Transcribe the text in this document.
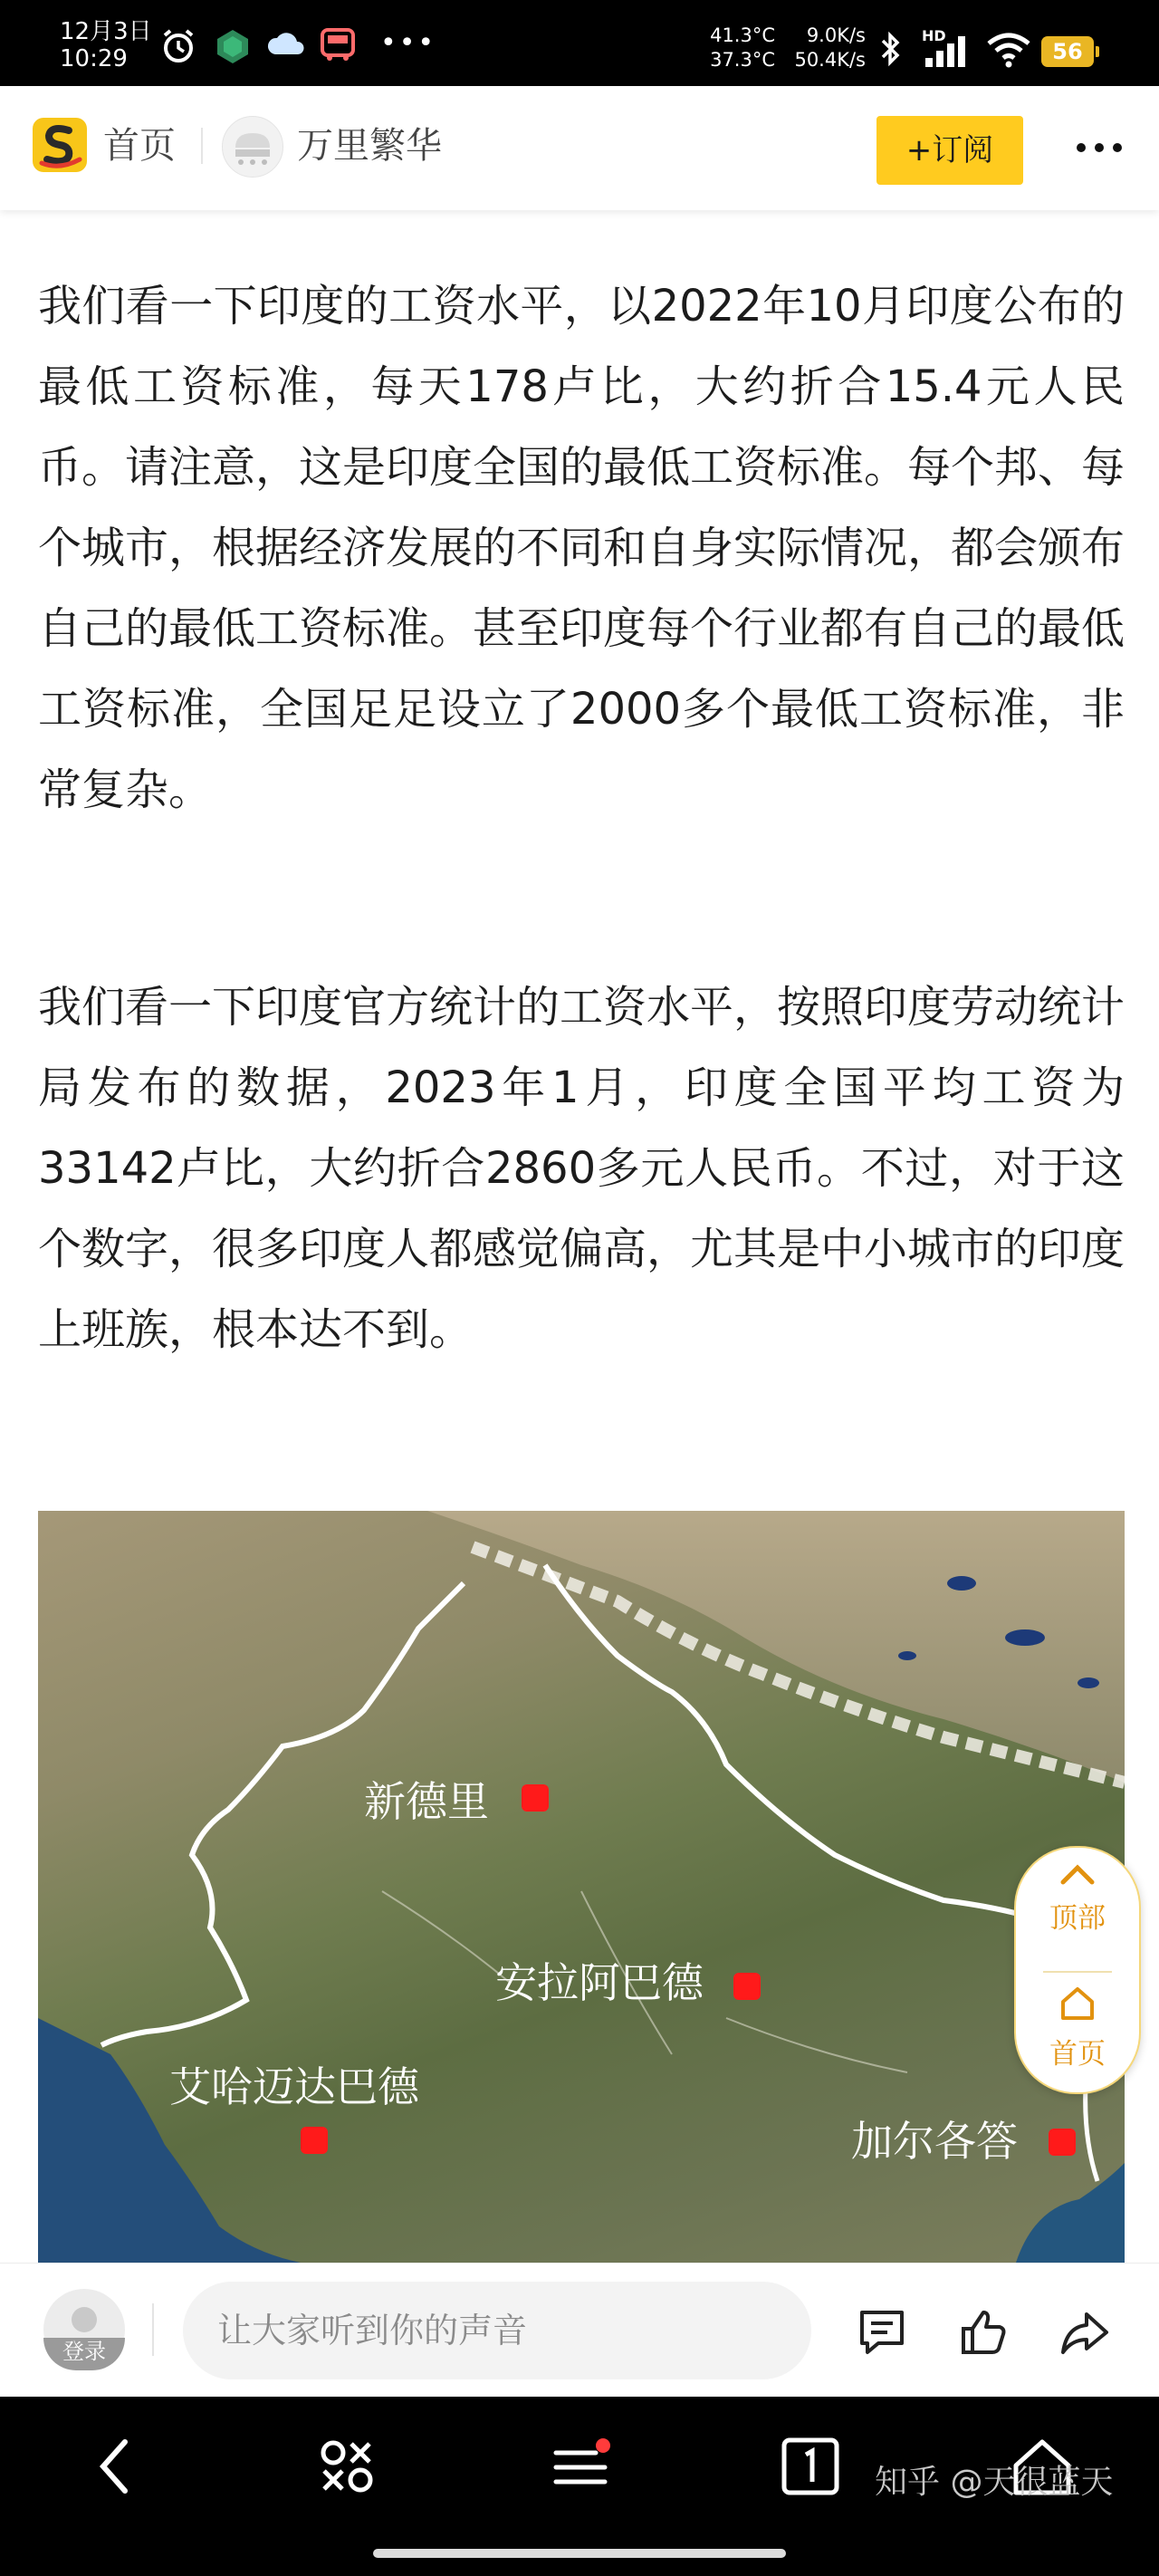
12月3日
10:29	•••	41.3°C
37.3°C
9.0K/s
50.4K/s
HD
56
首页	万里繁华	+订阅

我们看一下印度的工资水平，以2022年10月印度公布的最低工资标准，每天178卢比，大约折合15.4元人民币。请注意，这是印度全国的最低工资标准。每个邦、每个城市，根据经济发展的不同和自身实际情况，都会颁布自己的最低工资标准。甚至印度每个行业都有自己的最低工资标准，全国足足设立了2000多个最低工资标准，非常复杂。

我们看一下印度官方统计的工资水平，按照印度劳动统计局发布的数据，2023年1月，印度全国平均工资为33142卢比，大约折合2860多元人民币。不过，对于这个数字，很多印度人都感觉偏高，尤其是中小城市的印度上班族，根本达不到。

新德里
安拉阿巴德
艾哈迈达巴德
加尔各答
顶部
首页
登录
让大家听到你的声音
知乎 @天很蓝天
